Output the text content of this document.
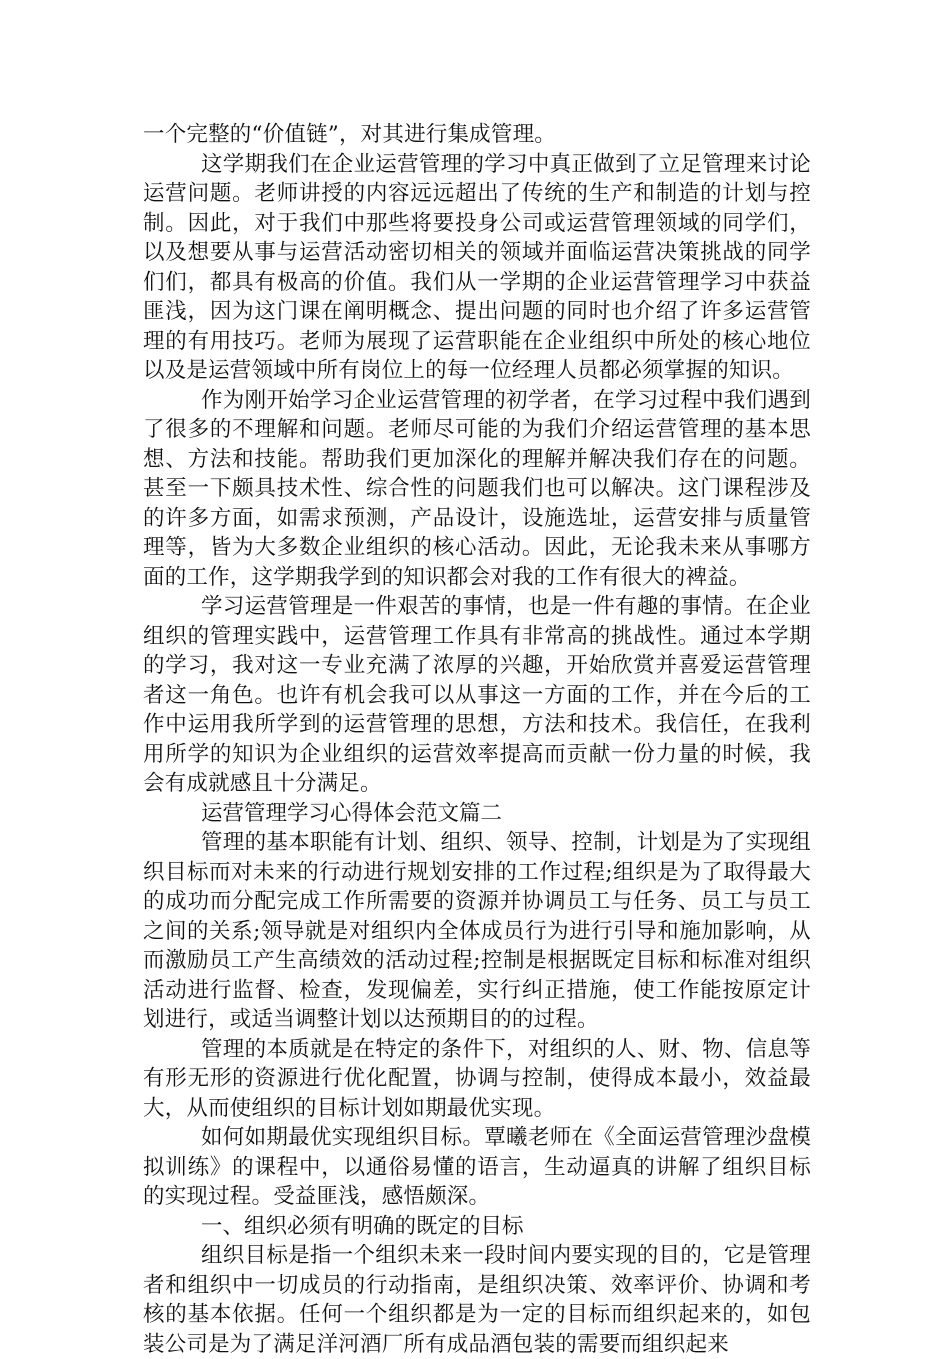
一个完整的“价值链”，对其进行集成管理。

这学期我们在企业运营管理的学习中真正做到了立足管理来讨论运营问题。老师讲授的内容远远超出了传统的生产和制造的计划与控制。因此，对于我们中那些将要投身公司或运营管理领域的同学们，以及想要从事与运营活动密切相关的领域并面临运营决策挑战的同学们们，都具有极高的价值。我们从一学期的企业运营管理学习中获益匪浅，因为这门课在阐明概念、提出问题的同时也介绍了许多运营管理的有用技巧。老师为展现了运营职能在企业组织中所处的核心地位以及是运营领域中所有岗位上的每一位经理人员都必须掌握的知识。

作为刚开始学习企业运营管理的初学者，在学习过程中我们遇到了很多的不理解和问题。老师尽可能的为我们介绍运营管理的基本思想、方法和技能。帮助我们更加深化的理解并解决我们存在的问题。甚至一下颇具技术性、综合性的问题我们也可以解决。这门课程涉及的许多方面，如需求预测，产品设计，设施选址，运营安排与质量管理等，皆为大多数企业组织的核心活动。因此，无论我未来从事哪方面的工作，这学期我学到的知识都会对我的工作有很大的裨益。

学习运营管理是一件艰苦的事情，也是一件有趣的事情。在企业组织的管理实践中，运营管理工作具有非常高的挑战性。通过本学期的学习，我对这一专业充满了浓厚的兴趣，开始欣赏并喜爱运营管理者这一角色。也许有机会我可以从事这一方面的工作，并在今后的工作中运用我所学到的运营管理的思想，方法和技术。我信任，在我利用所学的知识为企业组织的运营效率提高而贡献一份力量的时候，我会有成就感且十分满足。

运营管理学习心得体会范文篇二

管理的基本职能有计划、组织、领导、控制，计划是为了实现组织目标而对未来的行动进行规划安排的工作过程;组织是为了取得最大的成功而分配完成工作所需要的资源并协调员工与任务、员工与员工之间的关系;领导就是对组织内全体成员行为进行引导和施加影响，从而激励员工产生高绩效的活动过程;控制是根据既定目标和标准对组织活动进行监督、检查，发现偏差，实行纠正措施，使工作能按原定计划进行，或适当调整计划以达预期目的的过程。

管理的本质就是在特定的条件下，对组织的人、财、物、信息等有形无形的资源进行优化配置，协调与控制，使得成本最小，效益最大，从而使组织的目标计划如期最优实现。

如何如期最优实现组织目标。覃曦老师在《全面运营管理沙盘模拟训练》的课程中，以通俗易懂的语言，生动逼真的讲解了组织目标的实现过程。受益匪浅，感悟颇深。

一、组织必须有明确的既定的目标

组织目标是指一个组织未来一段时间内要实现的目的，它是管理者和组织中一切成员的行动指南，是组织决策、效率评价、协调和考核的基本依据。任何一个组织都是为一定的目标而组织起来的，如包装公司是为了满足洋河酒厂所有成品酒包装的需要而组织起来
